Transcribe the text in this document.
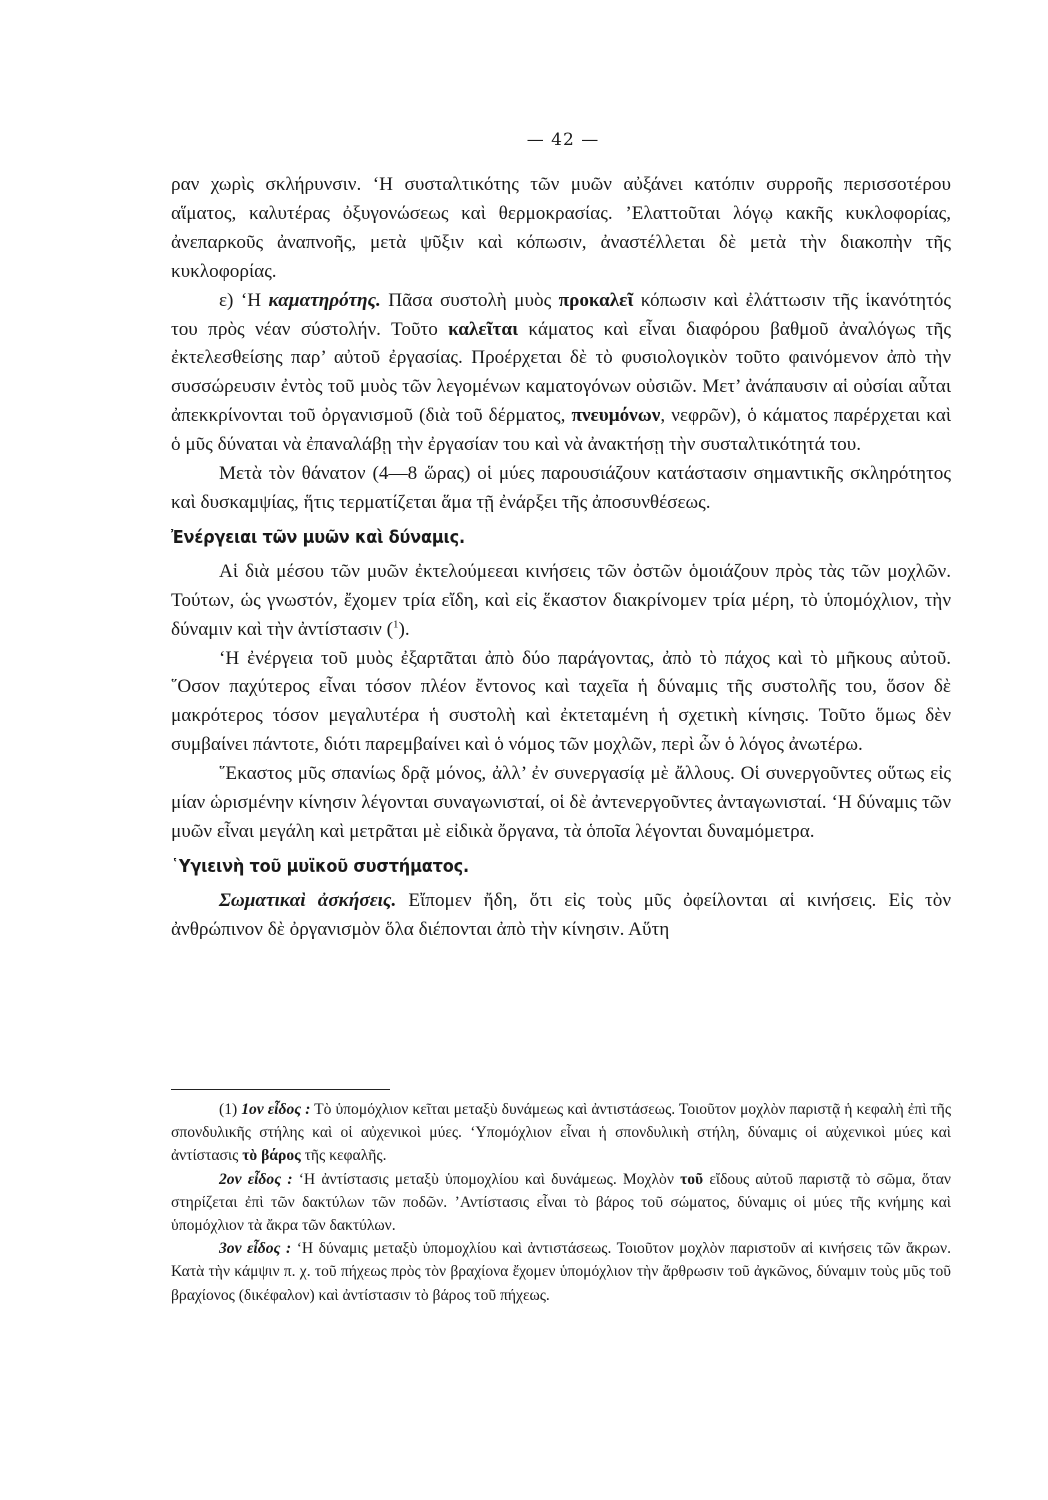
— 42 —

ραν χωρὶς σκλήρυνσιν. ‘Η συσταλτικότης τῶν μυῶν αὐξάνει κατόπιν συρροῆς περισσοτέρου αἵματος, καλυτέρας ὀξυγονώσεως καὶ θερμοκρασίας. ’Ελαττοῦται λόγῳ κακῆς κυκλοφορίας, ἀνεπαρκοῦς ἀναπνοῆς, μετὰ ψῦξιν καὶ κόπωσιν, ἀναστέλλεται δὲ μετὰ τὴν διακοπὴν τῆς κυκλοφορίας.

ε) ‘Η καματηρότης. Πᾶσα συστολὴ μυὸς προκαλεῖ κόπωσιν καὶ ἐλάττωσιν τῆς ἱκανότητός του πρὸς νέαν σύστολήν. Τοῦτο καλεῖται κάματος καὶ εἶναι διαφόρου βαθμοῦ ἀναλόγως τῆς ἐκτελεσθείσης παρ’ αὐτοῦ ἐργασίας. Προέρχεται δὲ τὸ φυσιολογικὸν τοῦτο φαινόμενον ἀπὸ τὴν συσσώρευσιν ἐντὸς τοῦ μυὸς τῶν λεγομένων καματογόνων οὐσιῶν. Μετ’ ἀνάπαυσιν αἱ οὐσίαι αὗται ἀπεκκρίνονται τοῦ ὀργανισμοῦ (διὰ τοῦ δέρματος, πνευμόνων, νεφρῶν), ὁ κάματος παρέρχεται καὶ ὁ μῦς δύναται νὰ ἐπαναλάβῃ τὴν ἐργασίαν του καὶ νὰ ἀνακτήσῃ τὴν συσταλτικότητά του.

Μετὰ τὸν θάνατον (4—8 ὥρας) οἱ μύες παρουσιάζουν κατάστασιν σημαντικῆς σκληρότητος καὶ δυσκαμψίας, ἥτις τερματίζεται ἅμα τῇ ἐνάρξει τῆς ἀποσυνθέσεως.

Ἐνέργειαι τῶν μυῶν καὶ δύναμις.

Αἱ διὰ μέσου τῶν μυῶν ἐκτελούμεεαι κινήσεις τῶν ὀστῶν ὁμοιάζουν πρὸς τὰς τῶν μοχλῶν. Τούτων, ὡς γνωστόν, ἔχομεν τρία εἴδη, καὶ εἰς ἕκαστον διακρίνομεν τρία μέρη, τὸ ὑπομόχλιον, τὴν δύναμιν καὶ τὴν ἀντίστασιν ($^1$).

‘Η ἐνέργεια τοῦ μυὸς ἐξαρτᾶται ἀπὸ δύο παράγοντας, ἀπὸ τὸ πάχος καὶ τὸ μῆκους αὐτοῦ. ῞Οσον παχύτερος εἶναι τόσον πλέον ἔντονος καὶ ταχεῖα ἡ δύναμις τῆς συστολῆς του, ὅσον δὲ μακρότερος τόσον μεγαλυτέρα ἡ συστολὴ καὶ ἐκτεταμένη ἡ σχετικὴ κίνησις. Τοῦτο ὅμως δὲν συμβαίνει πάντοτε, διότι παρεμβαίνει καὶ ὁ νόμος τῶν μοχλῶν, περὶ ὧν ὁ λόγος ἀνωτέρω.

῞Εκαστος μῦς σπανίως δρᾷ μόνος, ἀλλ’ ἐν συνεργασίᾳ μὲ ἄλλους. Οἱ συνεργοῦντες οὕτως εἰς μίαν ὡρισμένην κίνησιν λέγονται συναγωνισταί, οἱ δὲ ἀντενεργοῦντες ἀνταγωνισταί. ‘Η δύναμις τῶν μυῶν εἶναι μεγάλη καὶ μετρᾶται μὲ εἰδικὰ ὄργανα, τὰ ὁποῖα λέγονται δυναμόμετρα.

῾Υγιεινὴ τοῦ μυϊκοῦ συστήματος.

Σωματικαὶ ἀσκήσεις. Εἴπομεν ἤδη, ὅτι εἰς τοὺς μῦς ὀφείλονται αἱ κινήσεις. Εἰς τὸν ἀνθρώπινον δὲ ὀργανισμὸν ὅλα διέπονται ἀπὸ τὴν κίνησιν. Αὕτη

(1) 1ον εἶδος : Τὸ ὑπομόχλιον κεῖται μεταξὺ δυνάμεως καὶ ἀντιστάσεως. Τοιοῦτον μοχλὸν παριστᾷ ἡ κεφαλὴ ἐπὶ τῆς σπονδυλικῆς στήλης καὶ οἱ αὐχενικοὶ μύες. ‘Υπομόχλιον εἶναι ἡ σπονδυλικὴ στήλη, δύναμις οἱ αὐχενικοὶ μύες καὶ ἀντίστασις τὸ βάρος τῆς κεφαλῆς.

2ον εἶδος : ‘Η ἀντίστασις μεταξὺ ὑπομοχλίου καὶ δυνάμεως. Μοχλὸν τοῦ εἴδους αὐτοῦ παριστᾷ τὸ σῶμα, ὅταν στηρίζεται ἐπὶ τῶν δακτύλων τῶν ποδῶν. ’Αντίστασις εἶναι τὸ βάρος τοῦ σώματος, δύναμις οἱ μύες τῆς κνήμης καὶ ὑπομόχλιον τὰ ἄκρα τῶν δακτύλων.

3ον εἶδος : ‘Η δύναμις μεταξὺ ὑπομοχλίου καὶ ἀντιστάσεως. Τοιοῦτον μοχλὸν παριστοῦν αἱ κινήσεις τῶν ἄκρων. Κατὰ τὴν κάμψιν π. χ. τοῦ πήχεως πρὸς τὸν βραχίονα ἔχομεν ὑπομόχλιον τὴν ἄρθρωσιν τοῦ ἀγκῶνος, δύναμιν τοὺς μῦς τοῦ βραχίονος (δικέφαλον) καὶ ἀντίστασιν τὸ βάρος τοῦ πήχεως.
